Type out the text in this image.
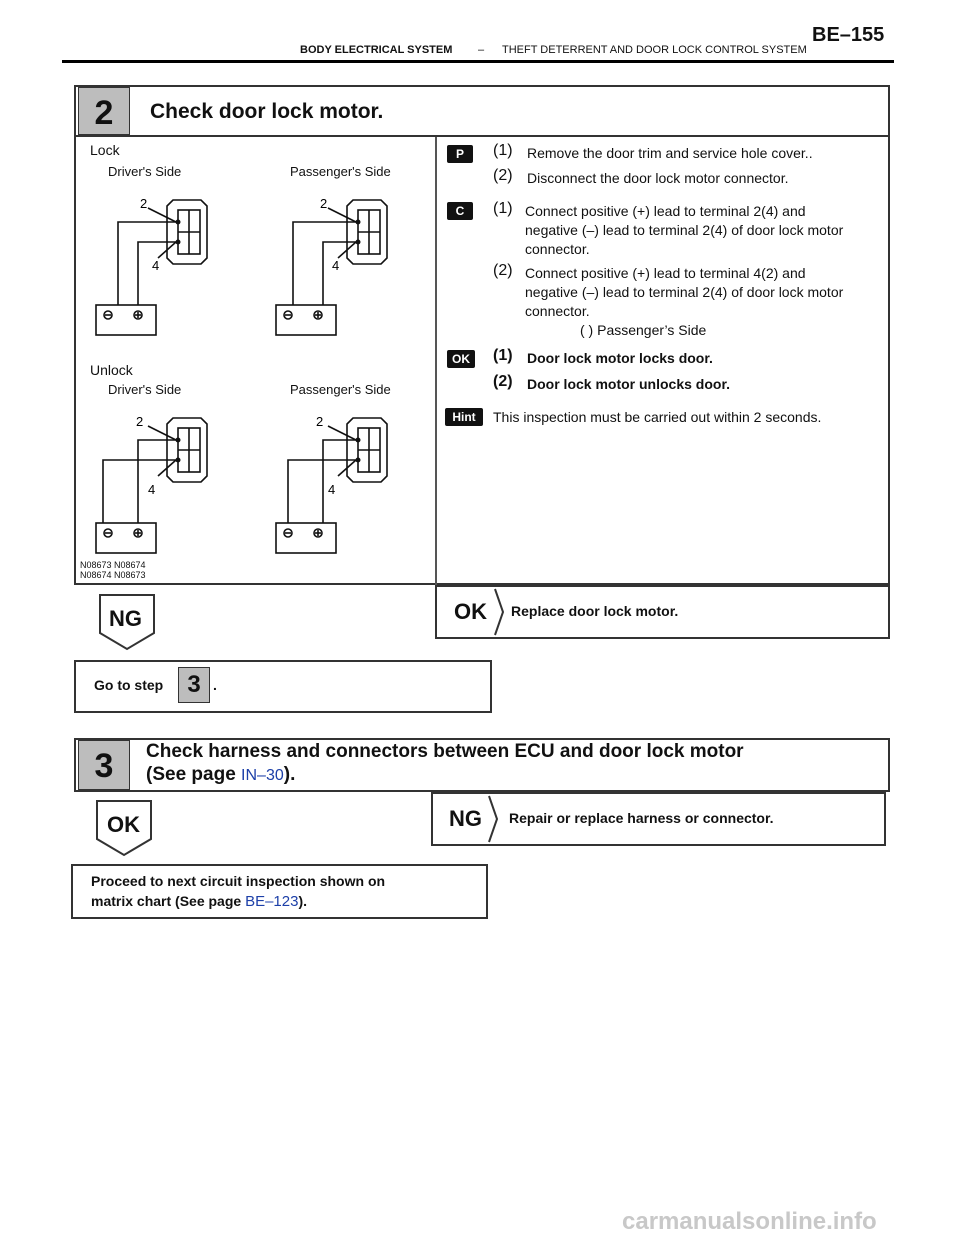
BODY ELECTRICAL SYSTEM – THEFT DETERRENT AND DOOR LOCK CONTROL SYSTEM
BE–155
2	Check door lock motor.
Lock
Driver's Side	Passenger's Side
Unlock
Driver's Side	Passenger's Side
2
4
2
4
2
4
2
4
N08673 N08674
N08674 N08673
P	(1) Remove the door trim and service hole cover..
(2) Disconnect the door lock motor connector.
C	(1) Connect positive (+) lead to terminal 2(4) and negative (–) lead to terminal 2(4) of door lock motor connector.
(2) Connect positive (+) lead to terminal 4(2) and negative (–) lead to terminal 2(4) of door lock motor connector.
( ) Passenger’s Side
OK	(1) Door lock motor locks door.
(2) Door lock motor unlocks door.
Hint	This inspection must be carried out within 2 seconds.
NG	OK Replace door lock motor.
Go to step	3 .
3	Check harness and connectors between ECU and door lock motor
(See page IN–30).
OK	NG Repair or replace harness or connector.
Proceed to next circuit inspection shown on
matrix chart (See page BE–123).
carmanualsonline.info
